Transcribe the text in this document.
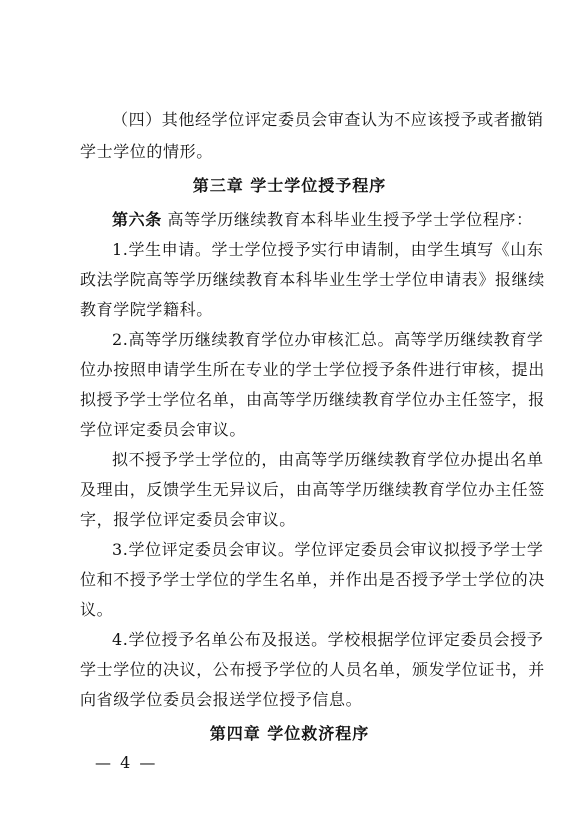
（四）其他经学位评定委员会审查认为不应该授予或者撤销
学士学位的情形。
第三章 学士学位授予程序
第六条 高等学历继续教育本科毕业生授予学士学位程序：
1.学生申请。学士学位授予实行申请制，由学生填写《山东
政法学院高等学历继续教育本科毕业生学士学位申请表》报继续
教育学院学籍科。
2.高等学历继续教育学位办审核汇总。高等学历继续教育学
位办按照申请学生所在专业的学士学位授予条件进行审核，提出
拟授予学士学位名单，由高等学历继续教育学位办主任签字，报
学位评定委员会审议。
拟不授予学士学位的，由高等学历继续教育学位办提出名单
及理由，反馈学生无异议后，由高等学历继续教育学位办主任签
字，报学位评定委员会审议。
3.学位评定委员会审议。学位评定委员会审议拟授予学士学
位和不授予学士学位的学生名单，并作出是否授予学士学位的决
议。
4.学位授予名单公布及报送。学校根据学位评定委员会授予
学士学位的决议，公布授予学位的人员名单，颁发学位证书，并
向省级学位委员会报送学位授予信息。
第四章 学位救济程序
— 4 —
